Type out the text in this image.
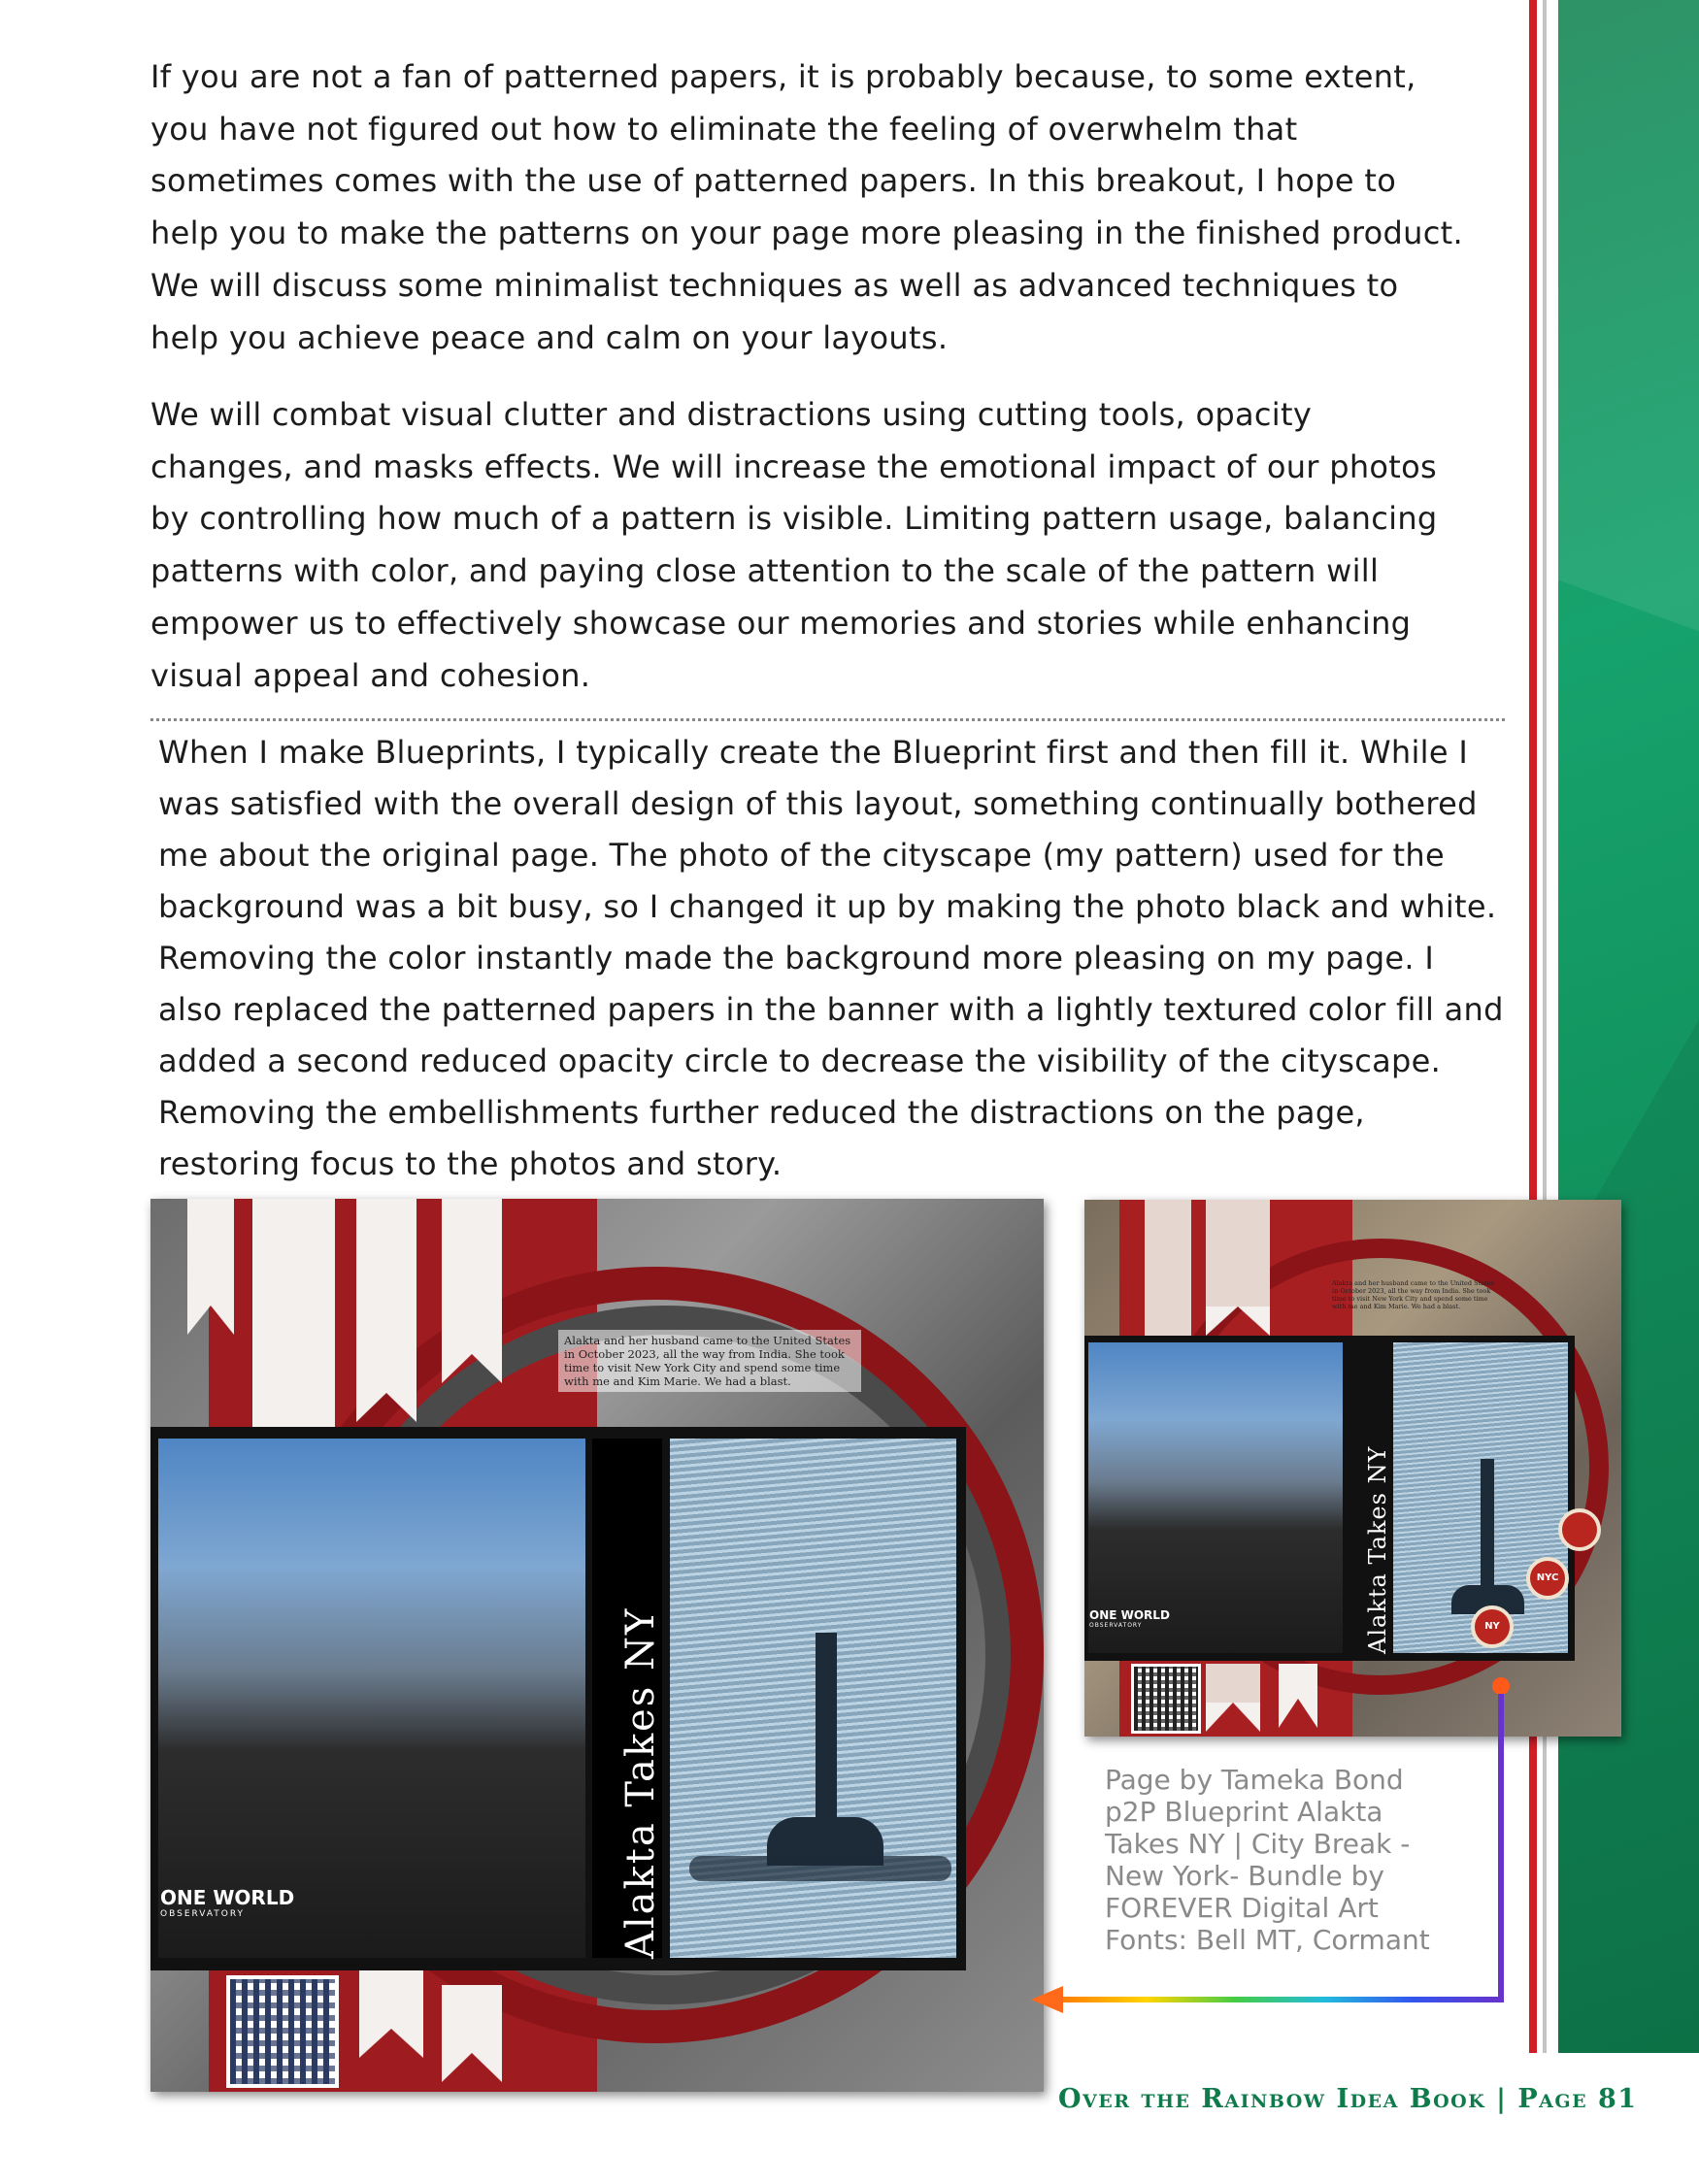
If you are not a fan of patterned papers, it is probably because, to some extent,
you have not figured out how to eliminate the feeling of overwhelm that
sometimes comes with the use of patterned papers. In this breakout, I hope to
help you to make the patterns on your page more pleasing in the finished product.
We will discuss some minimalist techniques as well as advanced techniques to
help you achieve peace and calm on your layouts.

We will combat visual clutter and distractions using cutting tools, opacity
changes, and masks effects. We will increase the emotional impact of our photos
by controlling how much of a pattern is visible. Limiting pattern usage, balancing
patterns with color, and paying close attention to the scale of the pattern will
empower us to effectively showcase our memories and stories while enhancing
visual appeal and cohesion.

When I make Blueprints, I typically create the Blueprint first and then fill it. While I
was satisfied with the overall design of this layout, something continually bothered
me about the original page. The photo of the cityscape (my pattern) used for the
background was a bit busy, so I changed it up by making the photo black and white.
Removing the color instantly made the background more pleasing on my page. I
also replaced the patterned papers in the banner with a lightly textured color fill and
added a second reduced opacity circle to decrease the visibility of the cityscape.
Removing the embellishments further reduced the distractions on the page,
restoring focus to the photos and story.

Alakta and her husband came to the United States in October 2023, all the way from India. She took time to visit New York City and spend some time with me and Kim Marie. We had a blast.
ONE WORLD
OBSERVATORY	Alakta Takes NY
Alakta and her husband came to the United States in October 2023, all the way from India. She took time to visit New York City and spend some time with me and Kim Marie. We had a blast.
ONE WORLD
OBSERVATORY	Alakta Takes NY	NYC
NY

Page by Tameka Bond
p2P Blueprint Alakta
Takes NY | City Break -
New York- Bundle by
FOREVER Digital Art
Fonts: Bell MT, Cormant

Over the Rainbow Idea Book | Page 81
